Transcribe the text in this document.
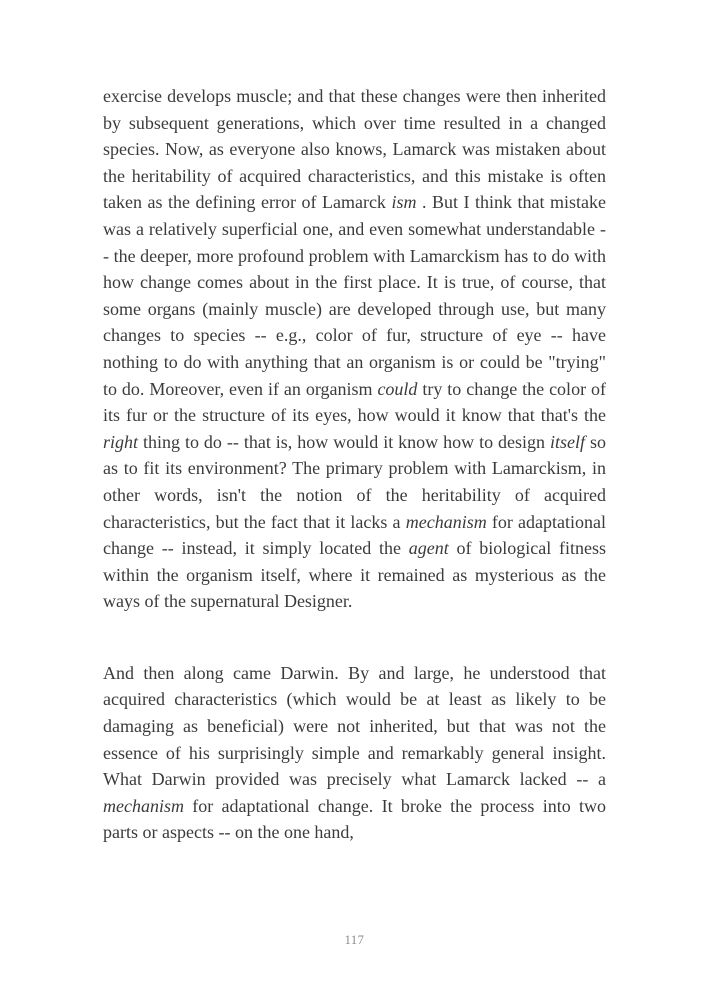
exercise develops muscle; and that these changes were then inherited by subsequent generations, which over time resulted in a changed species. Now, as everyone also knows, Lamarck was mistaken about the heritability of acquired characteristics, and this mistake is often taken as the defining error of Lamarck ism . But I think that mistake was a relatively superficial one, and even somewhat understandable -- the deeper, more profound problem with Lamarckism has to do with how change comes about in the first place. It is true, of course, that some organs (mainly muscle) are developed through use, but many changes to species -- e.g., color of fur, structure of eye -- have nothing to do with anything that an organism is or could be "trying" to do. Moreover, even if an organism could try to change the color of its fur or the structure of its eyes, how would it know that that's the right thing to do -- that is, how would it know how to design itself so as to fit its environment? The primary problem with Lamarckism, in other words, isn't the notion of the heritability of acquired characteristics, but the fact that it lacks a mechanism for adaptational change -- instead, it simply located the agent of biological fitness within the organism itself, where it remained as mysterious as the ways of the supernatural Designer.

And then along came Darwin. By and large, he understood that acquired characteristics (which would be at least as likely to be damaging as beneficial) were not inherited, but that was not the essence of his surprisingly simple and remarkably general insight. What Darwin provided was precisely what Lamarck lacked -- a mechanism for adaptational change. It broke the process into two parts or aspects -- on the one hand,

117
